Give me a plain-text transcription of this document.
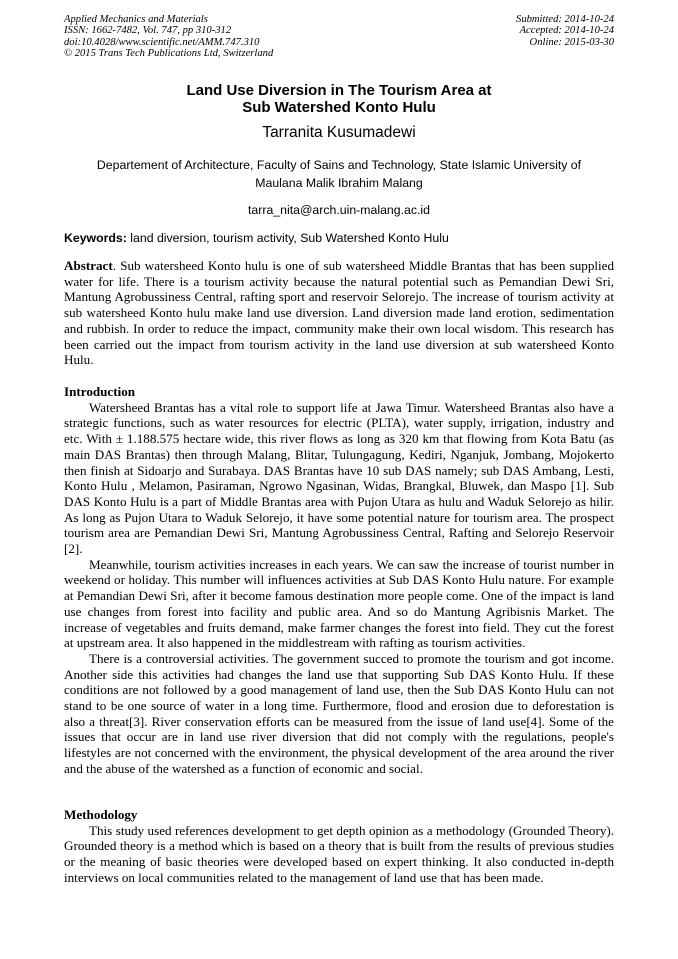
Applied Mechanics and Materials
ISSN: 1662-7482, Vol. 747, pp 310-312
doi:10.4028/www.scientific.net/AMM.747.310
© 2015 Trans Tech Publications Ltd, Switzerland
Submitted: 2014-10-24
Accepted: 2014-10-24
Online: 2015-03-30
Land Use Diversion in The Tourism Area at
Sub Watershed Konto Hulu
Tarranita Kusumadewi
Departement of Architecture, Faculty of Sains and Technology, State Islamic University of
Maulana Malik Ibrahim Malang
tarra_nita@arch.uin-malang.ac.id
Keywords: land diversion, tourism activity, Sub Watershed Konto Hulu

Abstract. Sub watersheed Konto hulu is one of sub watersheed Middle Brantas that has been supplied water for life. There is a tourism activity because the natural potential such as Pemandian Dewi Sri, Mantung Agrobussiness Central, rafting sport and reservoir Selorejo. The increase of tourism activity at sub watersheed Konto hulu make land use diversion. Land diversion made land erotion, sedimentation and rubbish. In order to reduce the impact, community make their own local wisdom. This research has been carried out the impact from tourism activity in the land use diversion at sub watersheed Konto Hulu.

Introduction

Watersheed Brantas has a vital role to support life at Jawa Timur. Watersheed Brantas also have a strategic functions, such as water resources for electric (PLTA), water supply, irrigation, industry and etc. With ± 1.188.575 hectare wide, this river flows as long as 320 km that flowing from Kota Batu (as main DAS Brantas) then through Malang, Blitar, Tulungagung, Kediri, Nganjuk, Jombang, Mojokerto then finish at Sidoarjo and Surabaya. DAS Brantas have 10 sub DAS namely; sub DAS Ambang, Lesti, Konto Hulu , Melamon, Pasiraman, Ngrowo Ngasinan, Widas, Brangkal, Bluwek, dan Maspo [1]. Sub DAS Konto Hulu is a part of Middle Brantas area with Pujon Utara as hulu and Waduk Selorejo as hilir. As long as Pujon Utara to Waduk Selorejo, it have some potential nature for tourism area. The prospect tourism area are Pemandian Dewi Sri, Mantung Agrobussiness Central, Rafting and Selorejo Reservoir [2].

Meanwhile, tourism activities increases in each years. We can saw the increase of tourist number in weekend or holiday. This number will influences activities at Sub DAS Konto Hulu nature. For example at Pemandian Dewi Sri, after it become famous destination more people come. One of the impact is land use changes from forest into facility and public area. And so do Mantung Agribisnis Market. The increase of vegetables and fruits demand, make farmer changes the forest into field. They cut the forest at upstream area. It also happened in the middlestream with rafting as tourism activities.

There is a controversial activities. The government succed to promote the tourism and got income. Another side this activities had changes the land use that supporting Sub DAS Konto Hulu. If these conditions are not followed by a good management of land use, then the Sub DAS Konto Hulu can not stand to be one source of water in a long time. Furthermore, flood and erosion due to deforestation is also a threat[3]. River conservation efforts can be measured from the issue of land use[4]. Some of the issues that occur are in land use river diversion that did not comply with the regulations, people's lifestyles are not concerned with the environment, the physical development of the area around the river and the abuse of the watershed as a function of economic and social.

Methodology

This study used references development to get depth opinion as a methodology (Grounded Theory). Grounded theory is a method which is based on a theory that is built from the results of previous studies or the meaning of basic theories were developed based on expert thinking. It also conducted in-depth interviews on local communities related to the management of land use that has been made.
